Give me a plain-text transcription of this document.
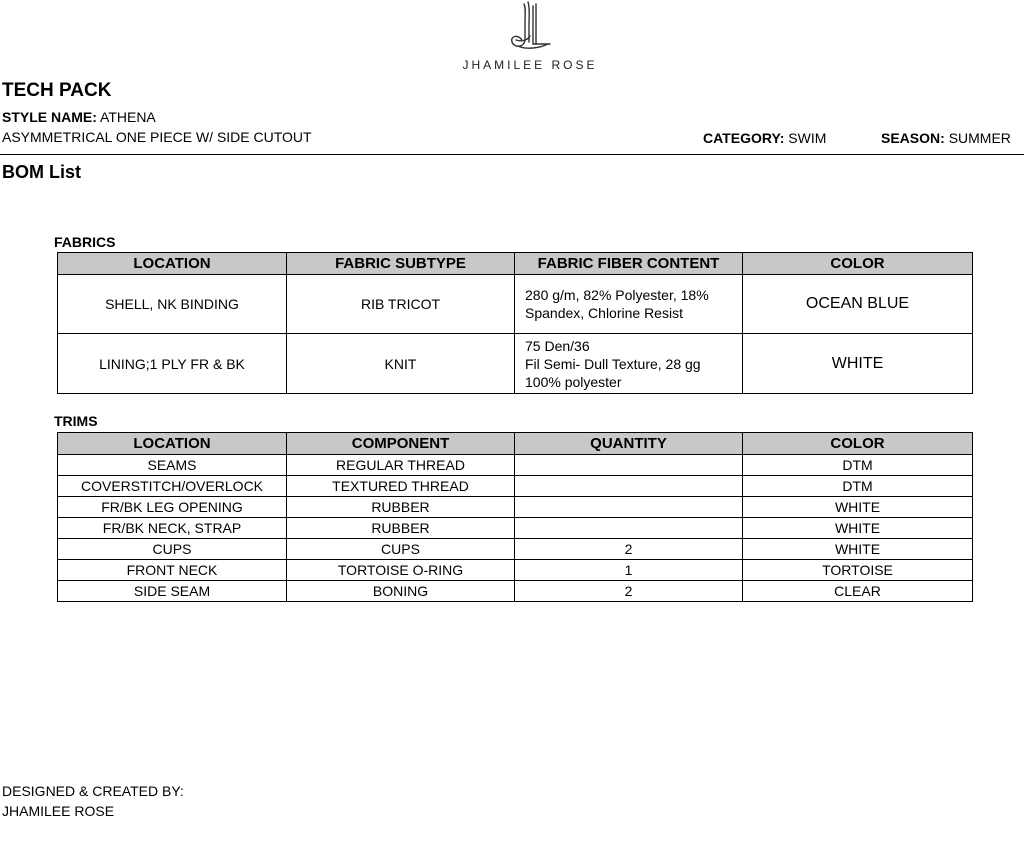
JHAMILEE ROSE
TECH PACK
STYLE NAME: ATHENA
ASYMMETRICAL ONE PIECE W/ SIDE CUTOUT	CATEGORY: SWIM	SEASON: SUMMER
BOM List
FABRICS
LOCATION	FABRIC SUBTYPE	FABRIC FIBER CONTENT	COLOR
SHELL, NK BINDING	RIB TRICOT	280 g/m, 82% Polyester, 18%
Spandex, Chlorine Resist	OCEAN BLUE
LINING;1 PLY FR & BK	KNIT	75 Den/36
Fil Semi- Dull Texture, 28 gg
100% polyester	WHITE
TRIMS
LOCATION	COMPONENT	QUANTITY	COLOR
SEAMS	REGULAR THREAD		DTM
COVERSTITCH/OVERLOCK	TEXTURED THREAD		DTM
FR/BK LEG OPENING	RUBBER		WHITE
FR/BK NECK, STRAP	RUBBER		WHITE
CUPS	CUPS	2	WHITE
FRONT NECK	TORTOISE O-RING	1	TORTOISE
SIDE SEAM	BONING	2	CLEAR
DESIGNED & CREATED BY:
JHAMILEE ROSE
